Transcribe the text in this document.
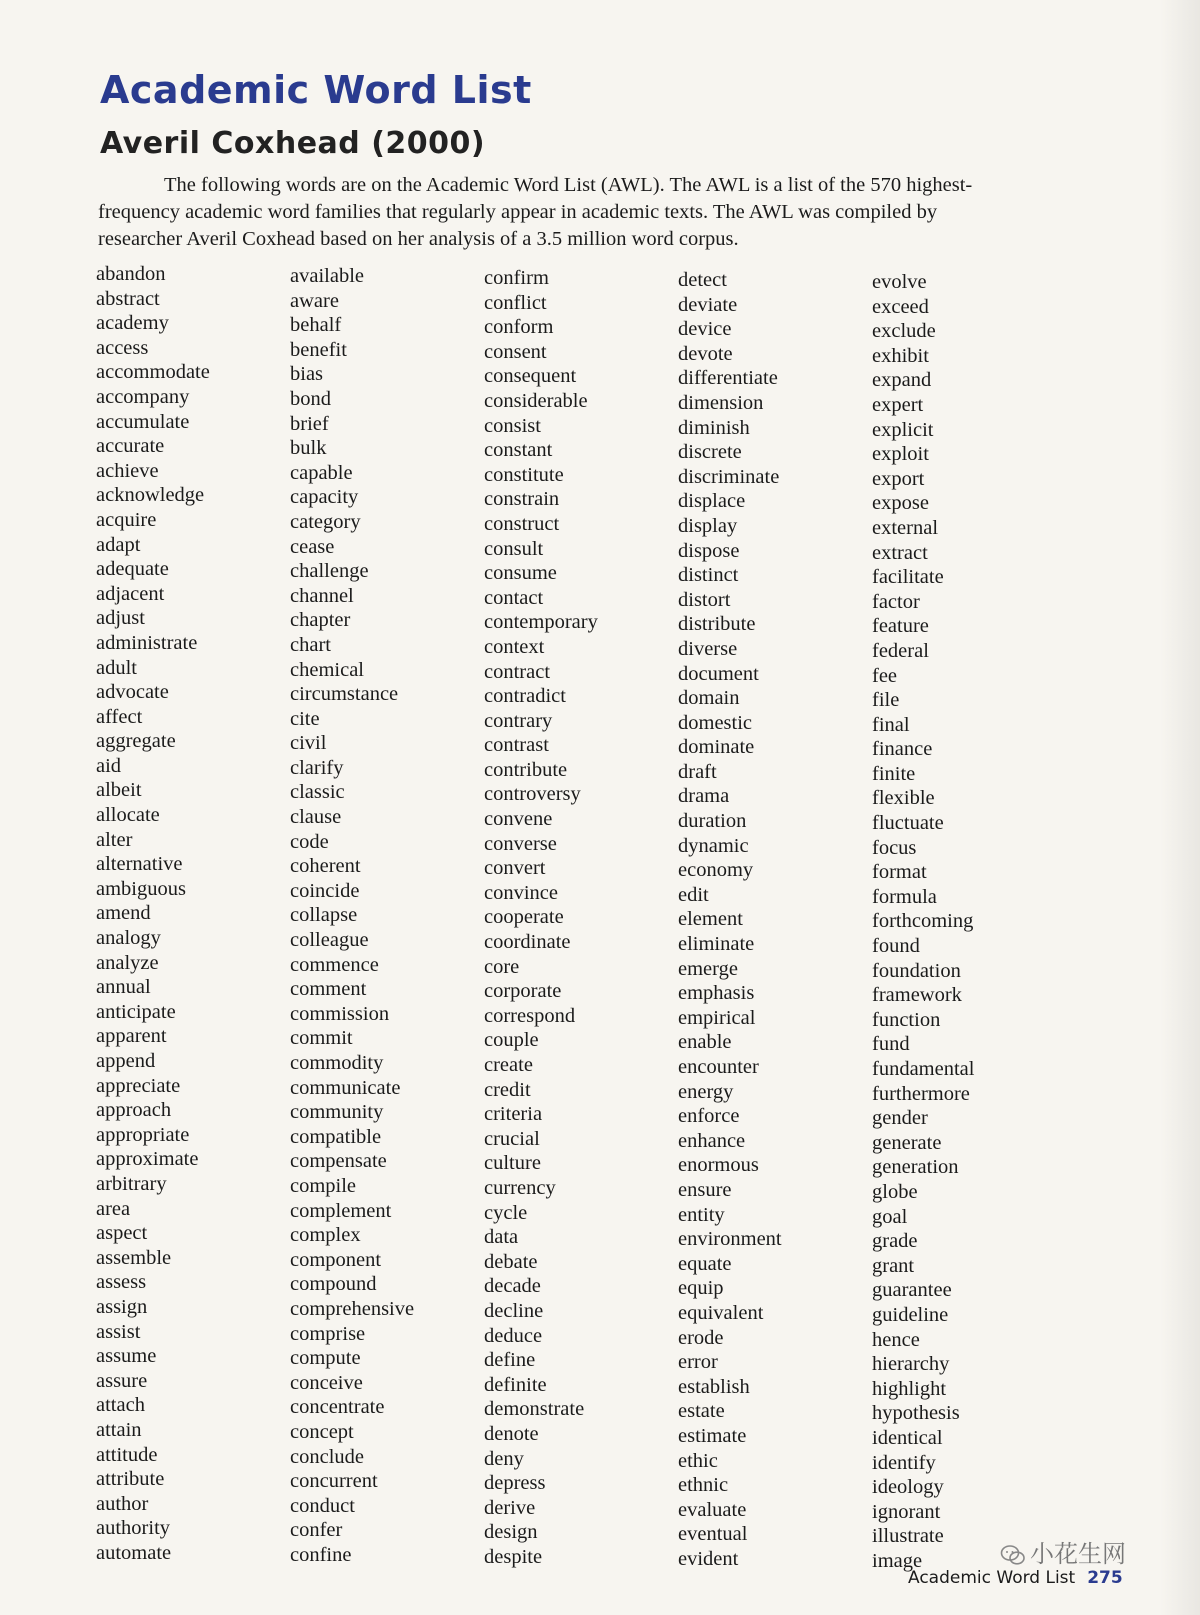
Academic Word List
Averil Coxhead (2000)

The following words are on the Academic Word List (AWL). The AWL is a list of the 570 highest-frequency academic word families that regularly appear in academic texts. The AWL was compiled by researcher Averil Coxhead based on her analysis of a 3.5 million word corpus.

abandon
abstract
academy
access
accommodate
accompany
accumulate
accurate
achieve
acknowledge
acquire
adapt
adequate
adjacent
adjust
administrate
adult
advocate
affect
aggregate
aid
albeit
allocate
alter
alternative
ambiguous
amend
analogy
analyze
annual
anticipate
apparent
append
appreciate
approach
appropriate
approximate
arbitrary
area
aspect
assemble
assess
assign
assist
assume
assure
attach
attain
attitude
attribute
author
authority
automate
available
aware
behalf
benefit
bias
bond
brief
bulk
capable
capacity
category
cease
challenge
channel
chapter
chart
chemical
circumstance
cite
civil
clarify
classic
clause
code
coherent
coincide
collapse
colleague
commence
comment
commission
commit
commodity
communicate
community
compatible
compensate
compile
complement
complex
component
compound
comprehensive
comprise
compute
conceive
concentrate
concept
conclude
concurrent
conduct
confer
confine
confirm
conflict
conform
consent
consequent
considerable
consist
constant
constitute
constrain
construct
consult
consume
contact
contemporary
context
contract
contradict
contrary
contrast
contribute
controversy
convene
converse
convert
convince
cooperate
coordinate
core
corporate
correspond
couple
create
credit
criteria
crucial
culture
currency
cycle
data
debate
decade
decline
deduce
define
definite
demonstrate
denote
deny
depress
derive
design
despite
detect
deviate
device
devote
differentiate
dimension
diminish
discrete
discriminate
displace
display
dispose
distinct
distort
distribute
diverse
document
domain
domestic
dominate
draft
drama
duration
dynamic
economy
edit
element
eliminate
emerge
emphasis
empirical
enable
encounter
energy
enforce
enhance
enormous
ensure
entity
environment
equate
equip
equivalent
erode
error
establish
estate
estimate
ethic
ethnic
evaluate
eventual
evident
evolve
exceed
exclude
exhibit
expand
expert
explicit
exploit
export
expose
external
extract
facilitate
factor
feature
federal
fee
file
final
finance
finite
flexible
fluctuate
focus
format
formula
forthcoming
found
foundation
framework
function
fund
fundamental
furthermore
gender
generate
generation
globe
goal
grade
grant
guarantee
guideline
hence
hierarchy
highlight
hypothesis
identical
identify
ideology
ignorant
illustrate
image	小花生网
Academic Word List 275
